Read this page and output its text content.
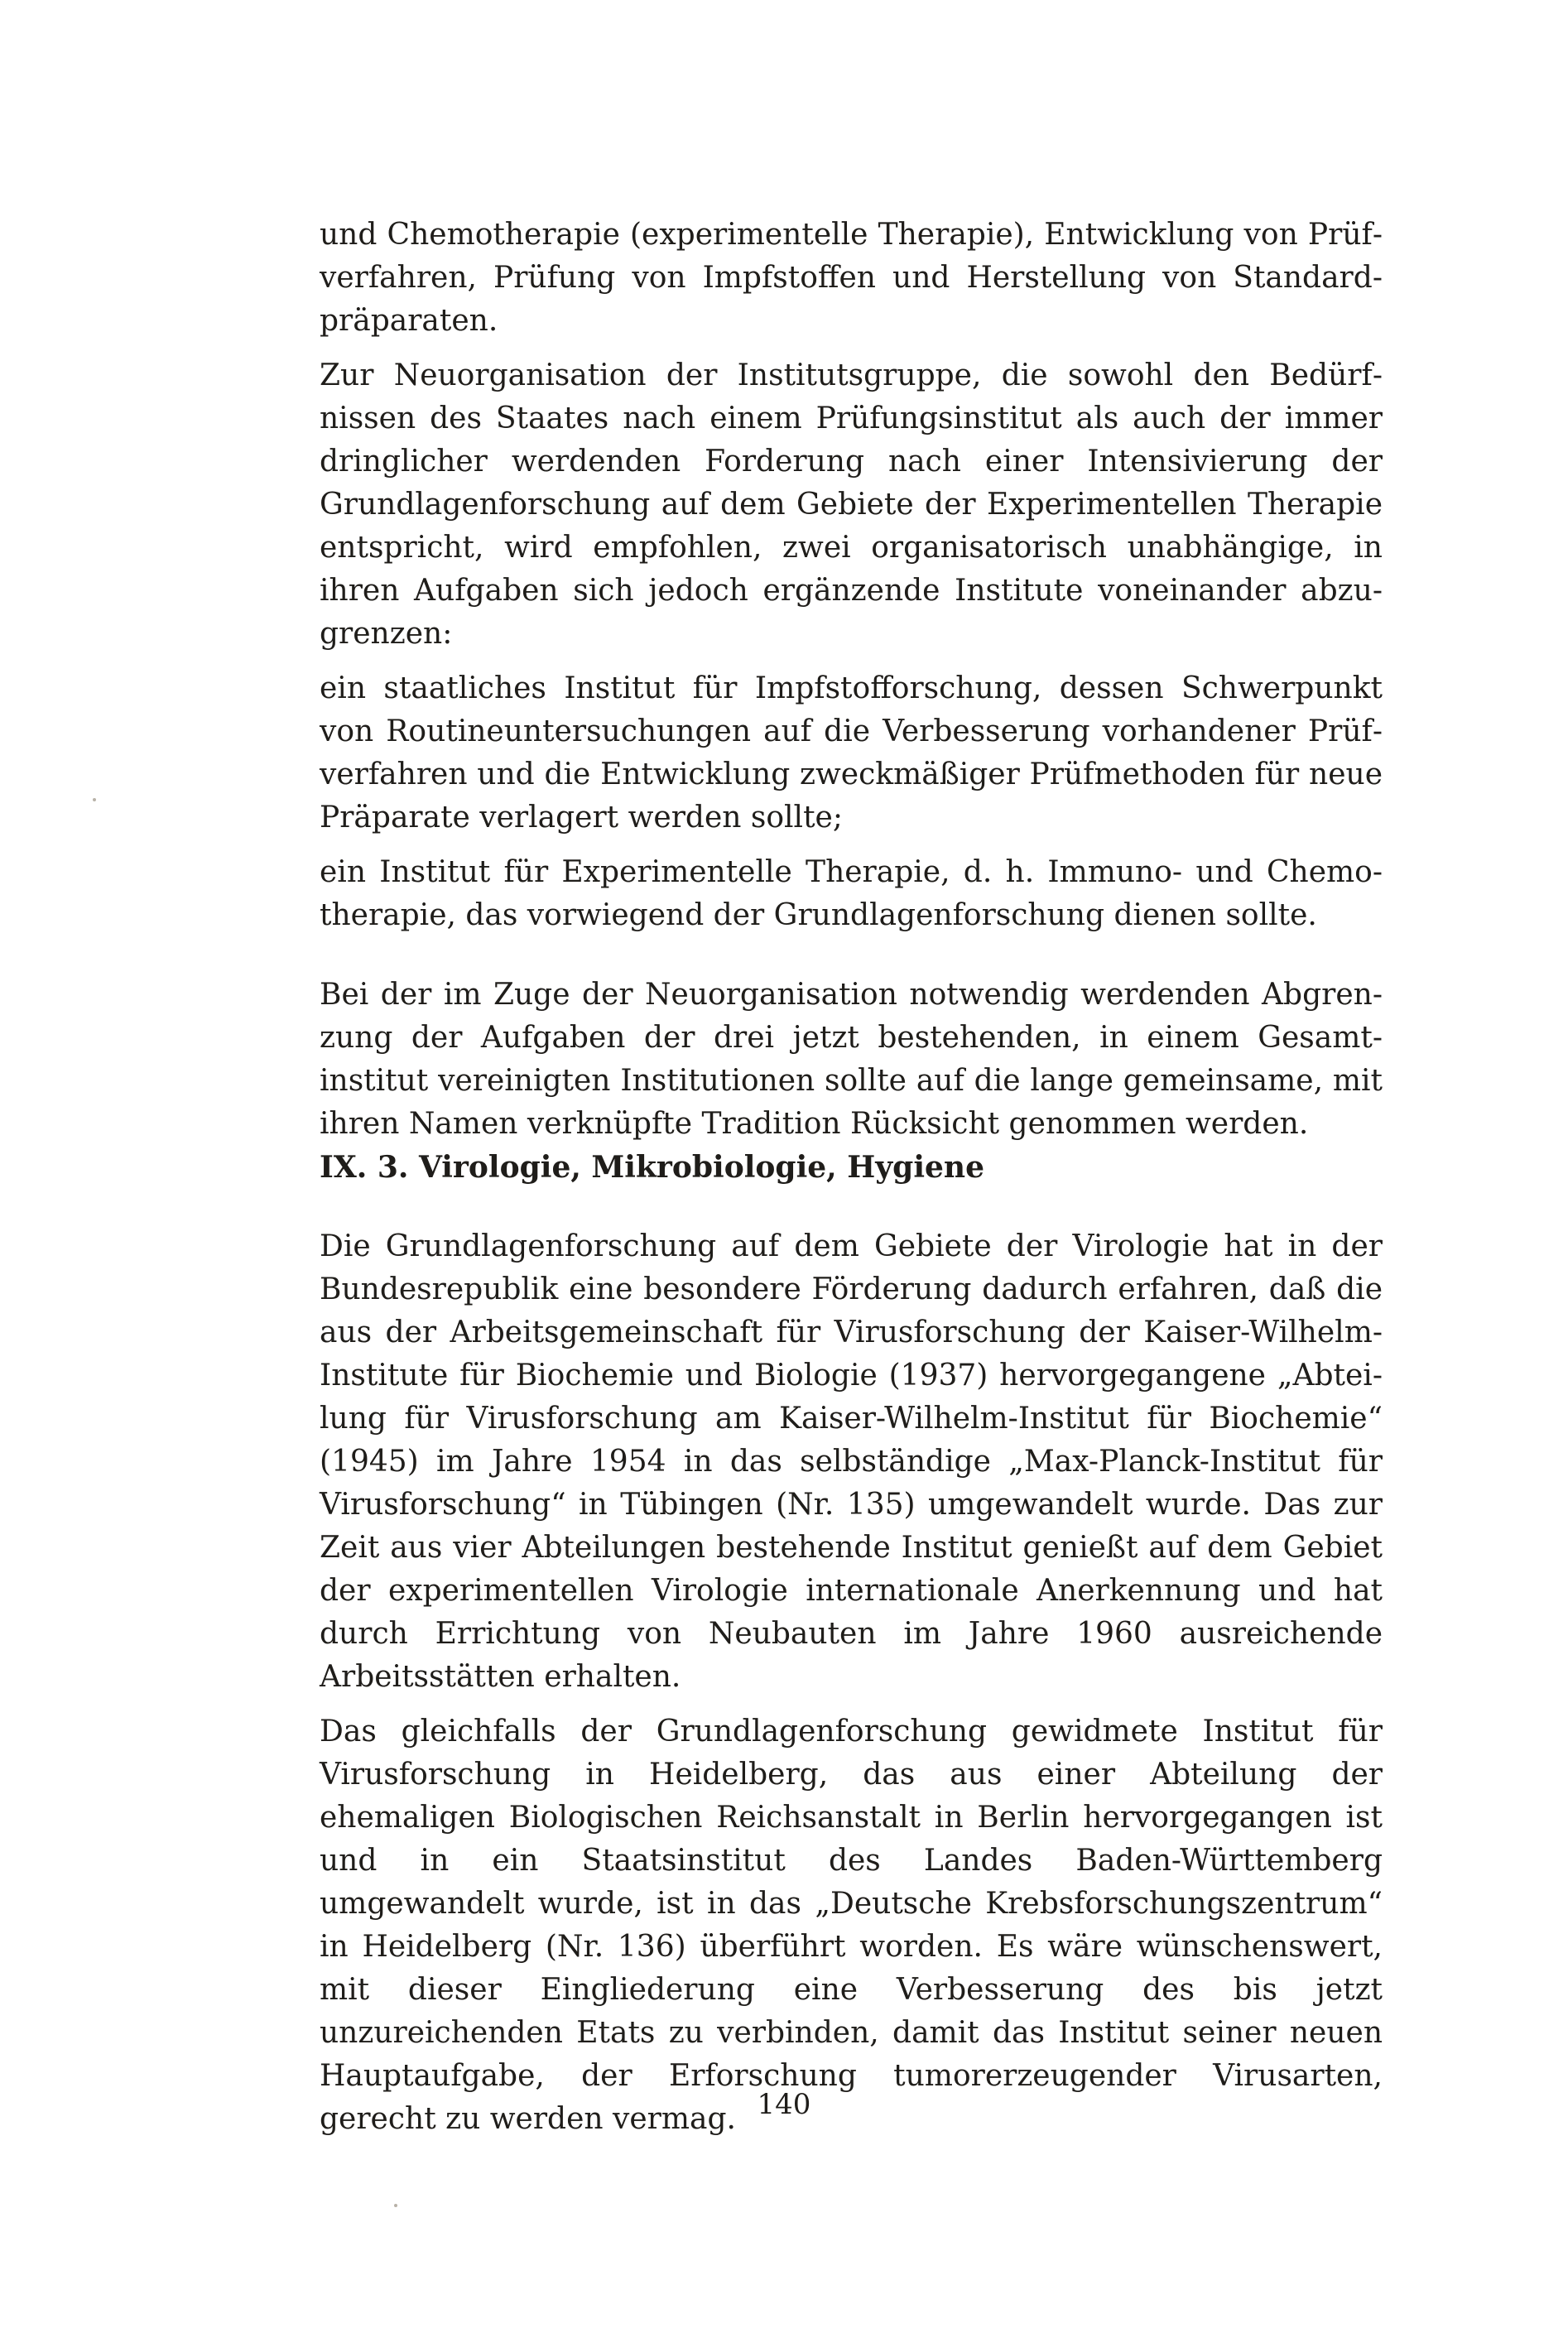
und Chemotherapie (experimentelle Therapie), Entwicklung von Prüfverfahren, Prüfung von Impfstoffen und Herstellung von Standardpräparaten.

Zur Neuorganisation der Institutsgruppe, die sowohl den Bedürfnissen des Staates nach einem Prüfungsinstitut als auch der immer dringlicher werdenden Forderung nach einer Intensivierung der Grundlagenforschung auf dem Gebiete der Experimentellen Therapie entspricht, wird empfohlen, zwei organisatorisch unabhängige, in ihren Aufgaben sich jedoch ergänzende Institute voneinander abzugrenzen:

ein staatliches Institut für Impfstofforschung, dessen Schwerpunkt von Routineuntersuchungen auf die Verbesserung vorhandener Prüfverfahren und die Entwicklung zweckmäßiger Prüfmethoden für neue Präparate verlagert werden sollte;

ein Institut für Experimentelle Therapie, d. h. Immuno- und Chemotherapie, das vorwiegend der Grundlagenforschung dienen sollte.

Bei der im Zuge der Neuorganisation notwendig werdenden Abgrenzung der Aufgaben der drei jetzt bestehenden, in einem Gesamtinstitut vereinigten Institutionen sollte auf die lange gemeinsame, mit ihren Namen verknüpfte Tradition Rücksicht genommen werden.

IX. 3. Virologie, Mikrobiologie, Hygiene

Die Grundlagenforschung auf dem Gebiete der Virologie hat in der Bundesrepublik eine besondere Förderung dadurch erfahren, daß die aus der Arbeitsgemeinschaft für Virusforschung der Kaiser-Wilhelm-Institute für Biochemie und Biologie (1937) hervorgegangene „Abteilung für Virusforschung am Kaiser-Wilhelm-Institut für Biochemie“ (1945) im Jahre 1954 in das selbständige „Max-Planck-Institut für Virusforschung“ in Tübingen (Nr. 135) umgewandelt wurde. Das zur Zeit aus vier Abteilungen bestehende Institut genießt auf dem Gebiet der experimentellen Virologie internationale Anerkennung und hat durch Errichtung von Neubauten im Jahre 1960 ausreichende Arbeitsstätten erhalten.

Das gleichfalls der Grundlagenforschung gewidmete Institut für Virusforschung in Heidelberg, das aus einer Abteilung der ehemaligen Biologischen Reichsanstalt in Berlin hervorgegangen ist und in ein Staatsinstitut des Landes Baden-Württemberg umgewandelt wurde, ist in das „Deutsche Krebsforschungszentrum“ in Heidelberg (Nr. 136) überführt worden. Es wäre wünschenswert, mit dieser Eingliederung eine Verbesserung des bis jetzt unzureichenden Etats zu verbinden, damit das Institut seiner neuen Hauptaufgabe, der Erforschung tumorerzeugender Virusarten, gerecht zu werden vermag. 140
